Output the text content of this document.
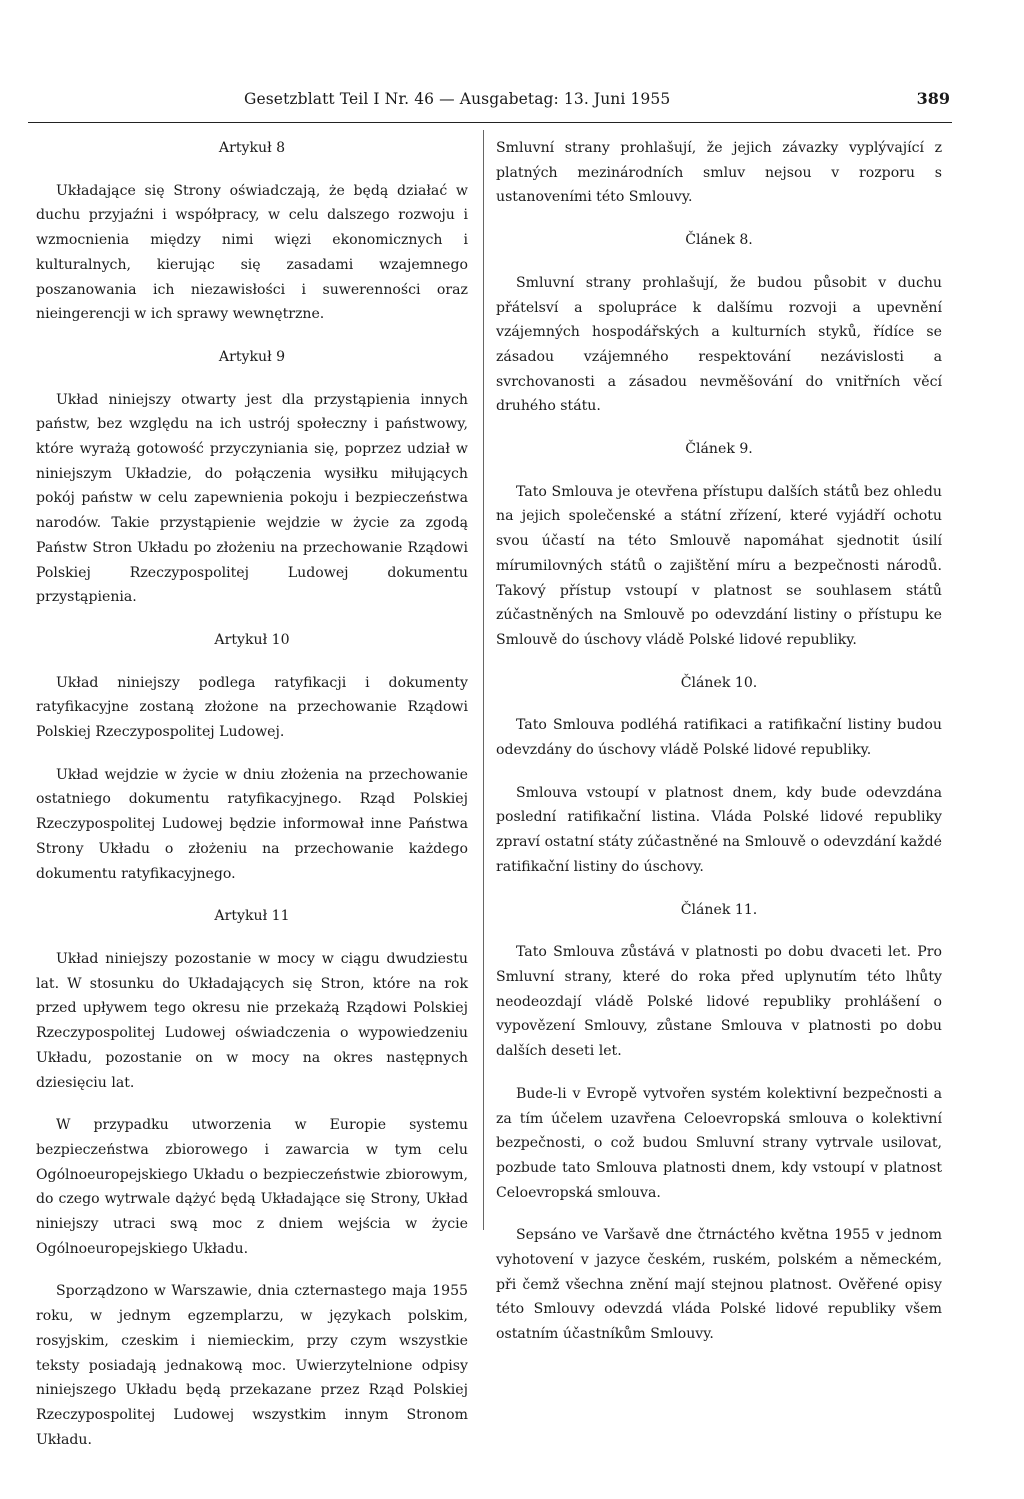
Gesetzblatt Teil I Nr. 46 — Ausgabetag: 13. Juni 1955	389
Artykuł 8

Układające się Strony oświadczają, że będą działać w duchu przyjaźni i współpracy, w celu dalszego rozwoju i wzmocnienia między nimi więzi ekonomicznych i kulturalnych, kierując się zasadami wzajemnego poszanowania ich niezawisłości i suwerenności oraz nieingerencji w ich sprawy wewnętrzne.

Artykuł 9

Układ niniejszy otwarty jest dla przystąpienia innych państw, bez względu na ich ustrój społeczny i państwowy, które wyrażą gotowość przyczyniania się, poprzez udział w niniejszym Układzie, do połączenia wysiłku miłujących pokój państw w celu zapewnienia pokoju i bezpieczeństwa narodów. Takie przystąpienie wejdzie w życie za zgodą Państw Stron Układu po złożeniu na przechowanie Rządowi Polskiej Rzeczypospolitej Ludowej dokumentu przystąpienia.

Artykuł 10

Układ niniejszy podlega ratyfikacji i dokumenty ratyfikacyjne zostaną złożone na przechowanie Rządowi Polskiej Rzeczypospolitej Ludowej.

Układ wejdzie w życie w dniu złożenia na przechowanie ostatniego dokumentu ratyfikacyjnego. Rząd Polskiej Rzeczypospolitej Ludowej będzie informował inne Państwa Strony Układu o złożeniu na przechowanie każdego dokumentu ratyfikacyjnego.

Artykuł 11

Układ niniejszy pozostanie w mocy w ciągu dwudziestu lat. W stosunku do Układających się Stron, które na rok przed upływem tego okresu nie przekażą Rządowi Polskiej Rzeczypospolitej Ludowej oświadczenia o wypowiedzeniu Układu, pozostanie on w mocy na okres następnych dziesięciu lat.

W przypadku utworzenia w Europie systemu bezpieczeństwa zbiorowego i zawarcia w tym celu Ogólnoeuropejskiego Układu o bezpieczeństwie zbiorowym, do czego wytrwale dążyć będą Układające się Strony, Układ niniejszy utraci swą moc z dniem wejścia w życie Ogólnoeuropejskiego Układu.

Sporządzono w Warszawie, dnia czternastego maja 1955 roku, w jednym egzemplarzu, w językach polskim, rosyjskim, czeskim i niemieckim, przy czym wszystkie teksty posiadają jednakową moc. Uwierzytelnione odpisy niniejszego Układu będą przekazane przez Rząd Polskiej Rzeczypospolitej Ludowej wszystkim innym Stronom Układu.

Smluvní strany prohlašují, že jejich závazky vyplývající z platných mezinárodních smluv nejsou v rozporu s ustanoveními této Smlouvy.

Článek 8.

Smluvní strany prohlašují, že budou působit v duchu přátelsví a spolupráce k dalšímu rozvoji a upevnění vzájemných hospodářských a kulturních styků, řídíce se zásadou vzájemného respektování nezávislosti a svrchovanosti a zásadou nevměšování do vnitřních věcí druhého státu.

Článek 9.

Tato Smlouva je otevřena přístupu dalších států bez ohledu na jejich společenské a státní zřízení, které vyjádří ochotu svou účastí na této Smlouvě napomáhat sjednotit úsilí mírumilovných států o zajištění míru a bezpečnosti národů. Takový přístup vstoupí v platnost se souhlasem států zúčastněných na Smlouvě po odevzdání listiny o přístupu ke Smlouvě do úschovy vládě Polské lidové republiky.

Článek 10.

Tato Smlouva podléhá ratifikaci a ratifikační listiny budou odevzdány do úschovy vládě Polské lidové republiky.

Smlouva vstoupí v platnost dnem, kdy bude odevzdána poslední ratifikační listina. Vláda Polské lidové republiky zpraví ostatní státy zúčastněné na Smlouvě o odevzdání každé ratifikační listiny do úschovy.

Článek 11.

Tato Smlouva zůstává v platnosti po dobu dvaceti let. Pro Smluvní strany, které do roka před uplynutím této lhůty neodeozdají vládě Polské lidové republiky prohlášení o vypovězení Smlouvy, zůstane Smlouva v platnosti po dobu dalších deseti let.

Bude-li v Evropě vytvořen systém kolektivní bezpečnosti a za tím účelem uzavřena Celoevropská smlouva o kolektivní bezpečnosti, o což budou Smluvní strany vytrvale usilovat, pozbude tato Smlouva platnosti dnem, kdy vstoupí v platnost Celoevropská smlouva.

Sepsáno ve Varšavě dne čtrnáctého května 1955 v jednom vyhotovení v jazyce českém, ruském, polském a německém, při čemž všechna znění mají stejnou platnost. Ověřené opisy této Smlouvy odevzdá vláda Polské lidové republiky všem ostatním účastníkům Smlouvy.
